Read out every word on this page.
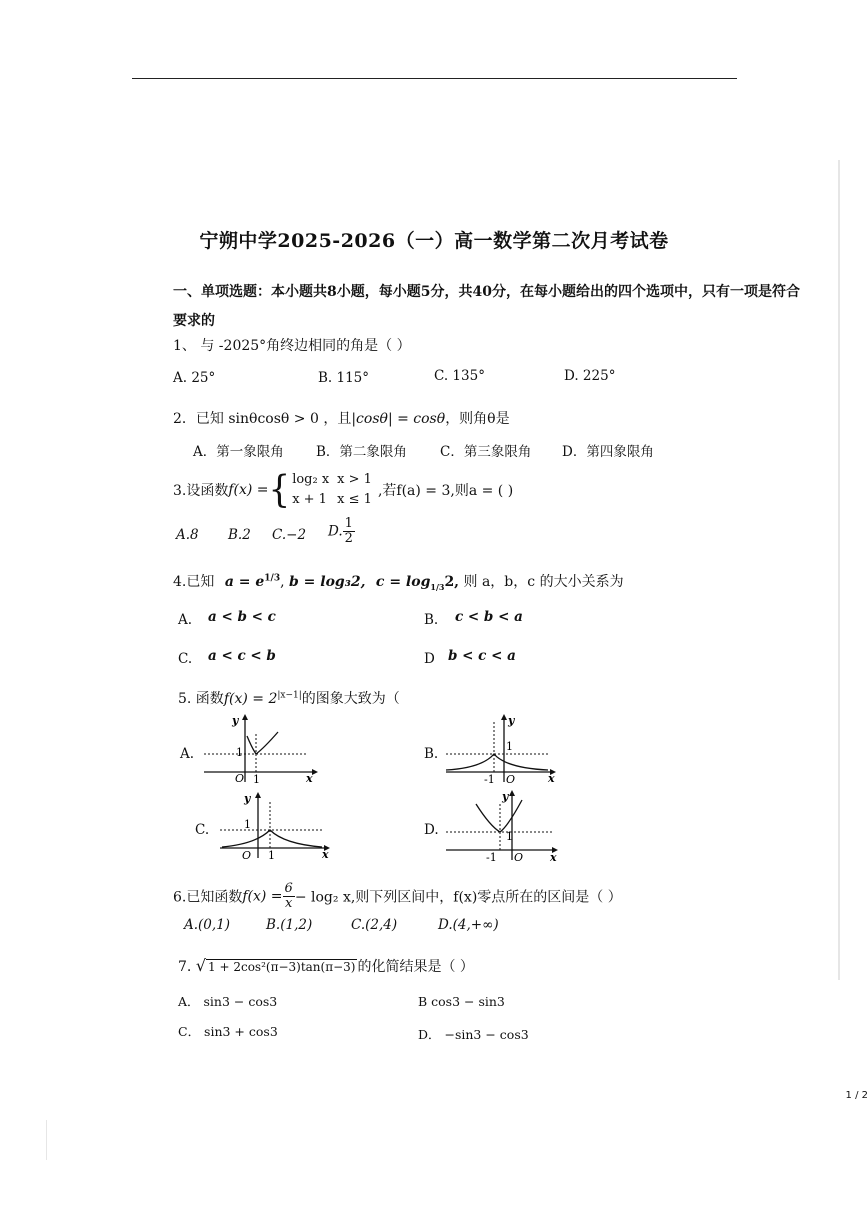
宁朔中学2025-2026（一）高一数学第二次月考试卷
一、单项选题：本小题共8小题，每小题5分，共40分，在每小题给出的四个选项中，只有一项是符合要求的
1、 与 -2025°角终边相同的角是（ ）
A. 25°	B. 115°	C. 135°	D. 225°
2．已知 sinθcosθ > 0 ，且|cosθ| = cosθ，则角θ是
A．第一象限角 B．第二象限角 C．第三象限角 D．第四象限角
3.设函数f(x) ={ log₂ x	x > 1
x + 1	x ≤ 1,若f(a) = 3,则a = ( )
A.8 B.2 C.−2 D. $\frac{1}{2}$
4.已知 $a = e^{1/3}$, b = log₃2, $c = \log_{1/3}2$, 则 a，b，c 的大小关系为
A. a < b < c	B. c < b < a
C. a < c < b	D b < c < a
5. 函数$f(x) = 2^{|x-1|}$的图象大致为（
A.	1
O 1
y
x
B.	1
-1 O
y
x
C.	1
O 1
y
x
D.	1
-1 O
y
x
6.已知函数$f(x) = \frac{6}{x} - \log_2$ x,则下列区间中，f(x)零点所在的区间是（ ）
A.(0,1)	B.(1,2)	C.(2,4)	D.(4,+∞)
7. √ 1 + 2cos²(π−3)tan(π−3) 的化简结果是（ ）
A． sin3 − cos3	B cos3 − sin3
C． sin3 + cos3	D． −sin3 − cos3
1 / 2
